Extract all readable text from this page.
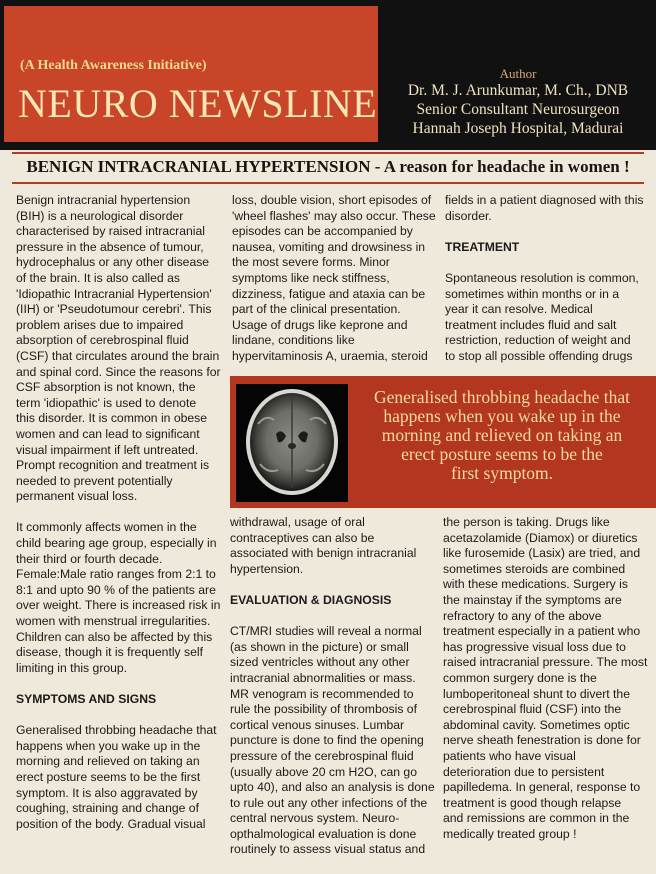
(A Health Awareness Initiative)
NEURO NEWSLINE
Author
Dr. M. J. Arunkumar, M. Ch., DNB
Senior Consultant Neurosurgeon
Hannah Joseph Hospital, Madurai
BENIGN INTRACRANIAL HYPERTENSION - A reason for headache in women !

Benign intracranial hypertension
(BIH) is a neurological disorder
characterised by raised intracranial
pressure in the absence of tumour,
hydrocephalus or any other disease
of the brain. It is also called as
'Idiopathic Intracranial Hypertension'
(IIH) or 'Pseudotumour cerebri'. This
problem arises due to impaired
absorption of cerebrospinal fluid
(CSF) that circulates around the brain
and spinal cord. Since the reasons for
CSF absorption is not known, the
term 'idiopathic' is used to denote
this disorder. It is common in obese
women and can lead to significant
visual impairment if left untreated.
Prompt recognition and treatment is
needed to prevent potentially
permanent visual loss.

It commonly affects women in the
child bearing age group, especially in
their third or fourth decade.
Female:Male ratio ranges from 2:1 to
8:1 and upto 90 % of the patients are
over weight. There is increased risk in
women with menstrual irregularities.
Children can also be affected by this
disease, though it is frequently self
limiting in this group.

SYMPTOMS AND SIGNS

Generalised throbbing headache that
happens when you wake up in the
morning and relieved on taking an
erect posture seems to be the first
symptom. It is also aggravated by
coughing, straining and change of
position of the body. Gradual visual

loss, double vision, short episodes of
'wheel flashes' may also occur. These
episodes can be accompanied by
nausea, vomiting and drowsiness in
the most severe forms. Minor
symptoms like neck stiffness,
dizziness, fatigue and ataxia can be
part of the clinical presentation.
Usage of drugs like keprone and
lindane, conditions like
hypervitaminosis A, uraemia, steroid

fields in a patient diagnosed with this
disorder.

TREATMENT

Spontaneous resolution is common,
sometimes within months or in a
year it can resolve. Medical
treatment includes fluid and salt
restriction, reduction of weight and
to stop all possible offending drugs

Generalised throbbing headache that
happens when you wake up in the
morning and relieved on taking an
erect posture seems to be the
first symptom.

withdrawal, usage of oral
contraceptives can also be
associated with benign intracranial
hypertension.

EVALUATION & DIAGNOSIS

CT/MRI studies will reveal a normal
(as shown in the picture) or small
sized ventricles without any other
intracranial abnormalities or mass.
MR venogram is recommended to
rule the possibility of thrombosis of
cortical venous sinuses. Lumbar
puncture is done to find the opening
pressure of the cerebrospinal fluid
(usually above 20 cm H2O, can go
upto 40), and also an analysis is done
to rule out any other infections of the
central nervous system. Neuro-
opthalmological evaluation is done
routinely to assess visual status and

the person is taking. Drugs like
acetazolamide (Diamox) or diuretics
like furosemide (Lasix) are tried, and
sometimes steroids are combined
with these medications. Surgery is
the mainstay if the symptoms are
refractory to any of the above
treatment especially in a patient who
has progressive visual loss due to
raised intracranial pressure. The most
common surgery done is the
lumboperitoneal shunt to divert the
cerebrospinal fluid (CSF) into the
abdominal cavity. Sometimes optic
nerve sheath fenestration is done for
patients who have visual
deterioration due to persistent
papilledema. In general, response to
treatment is good though relapse
and remissions are common in the
medically treated group !
